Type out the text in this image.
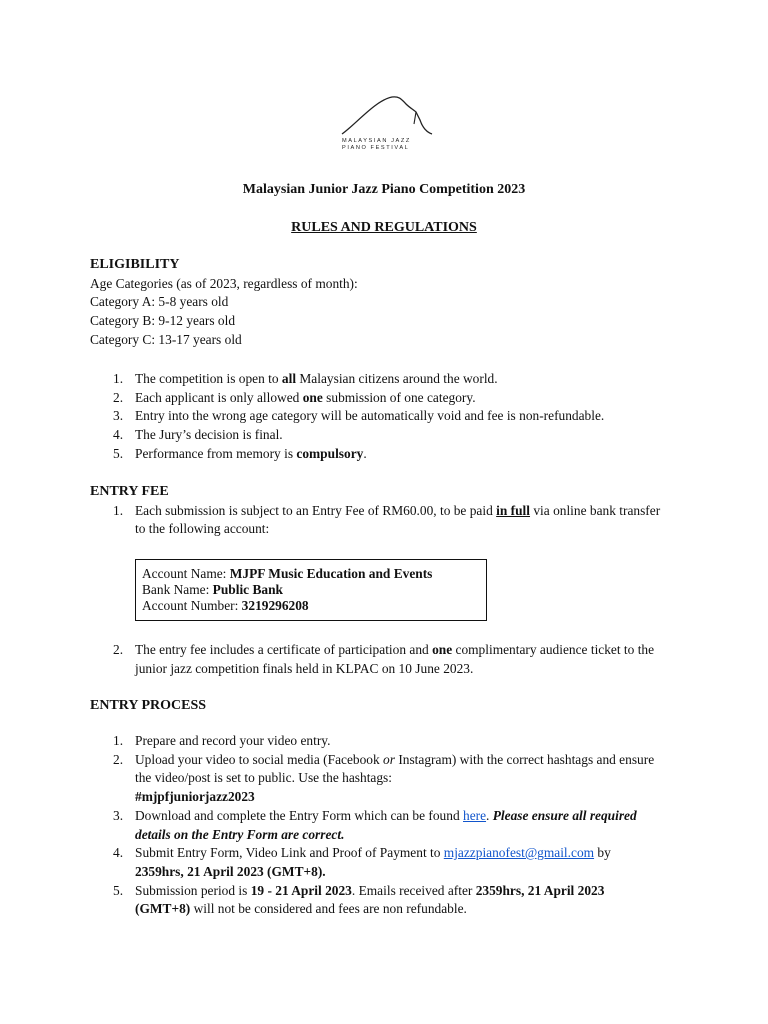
MALAYSIAN JAZZ
PIANO FESTIVAL
Malaysian Junior Jazz Piano Competition 2023
RULES AND REGULATIONS
ELIGIBILITY
Age Categories (as of 2023, regardless of month):
Category A: 5-8 years old
Category B: 9-12 years old
Category C: 13-17 years old
1. The competition is open to all Malaysian citizens around the world.
2. Each applicant is only allowed one submission of one category.
3. Entry into the wrong age category will be automatically void and fee is non-refundable.
4. The Jury’s decision is final.
5. Performance from memory is compulsory.
ENTRY FEE
1. Each submission is subject to an Entry Fee of RM60.00, to be paid in full via online bank transfer
to the following account:
Account Name: MJPF Music Education and Events
Bank Name: Public Bank
Account Number: 3219296208
2. The entry fee includes a certificate of participation and one complimentary audience ticket to the
junior jazz competition finals held in KLPAC on 10 June 2023.
ENTRY PROCESS
1. Prepare and record your video entry.
2. Upload your video to social media (Facebook or Instagram) with the correct hashtags and ensure
the video/post is set to public. Use the hashtags:
#mjpfjuniorjazz2023
3. Download and complete the Entry Form which can be found here. Please ensure all required
details on the Entry Form are correct.
4. Submit Entry Form, Video Link and Proof of Payment to mjazzpianofest@gmail.com by
2359hrs, 21 April 2023 (GMT+8).
5. Submission period is 19 - 21 April 2023. Emails received after 2359hrs, 21 April 2023
(GMT+8) will not be considered and fees are non refundable.
